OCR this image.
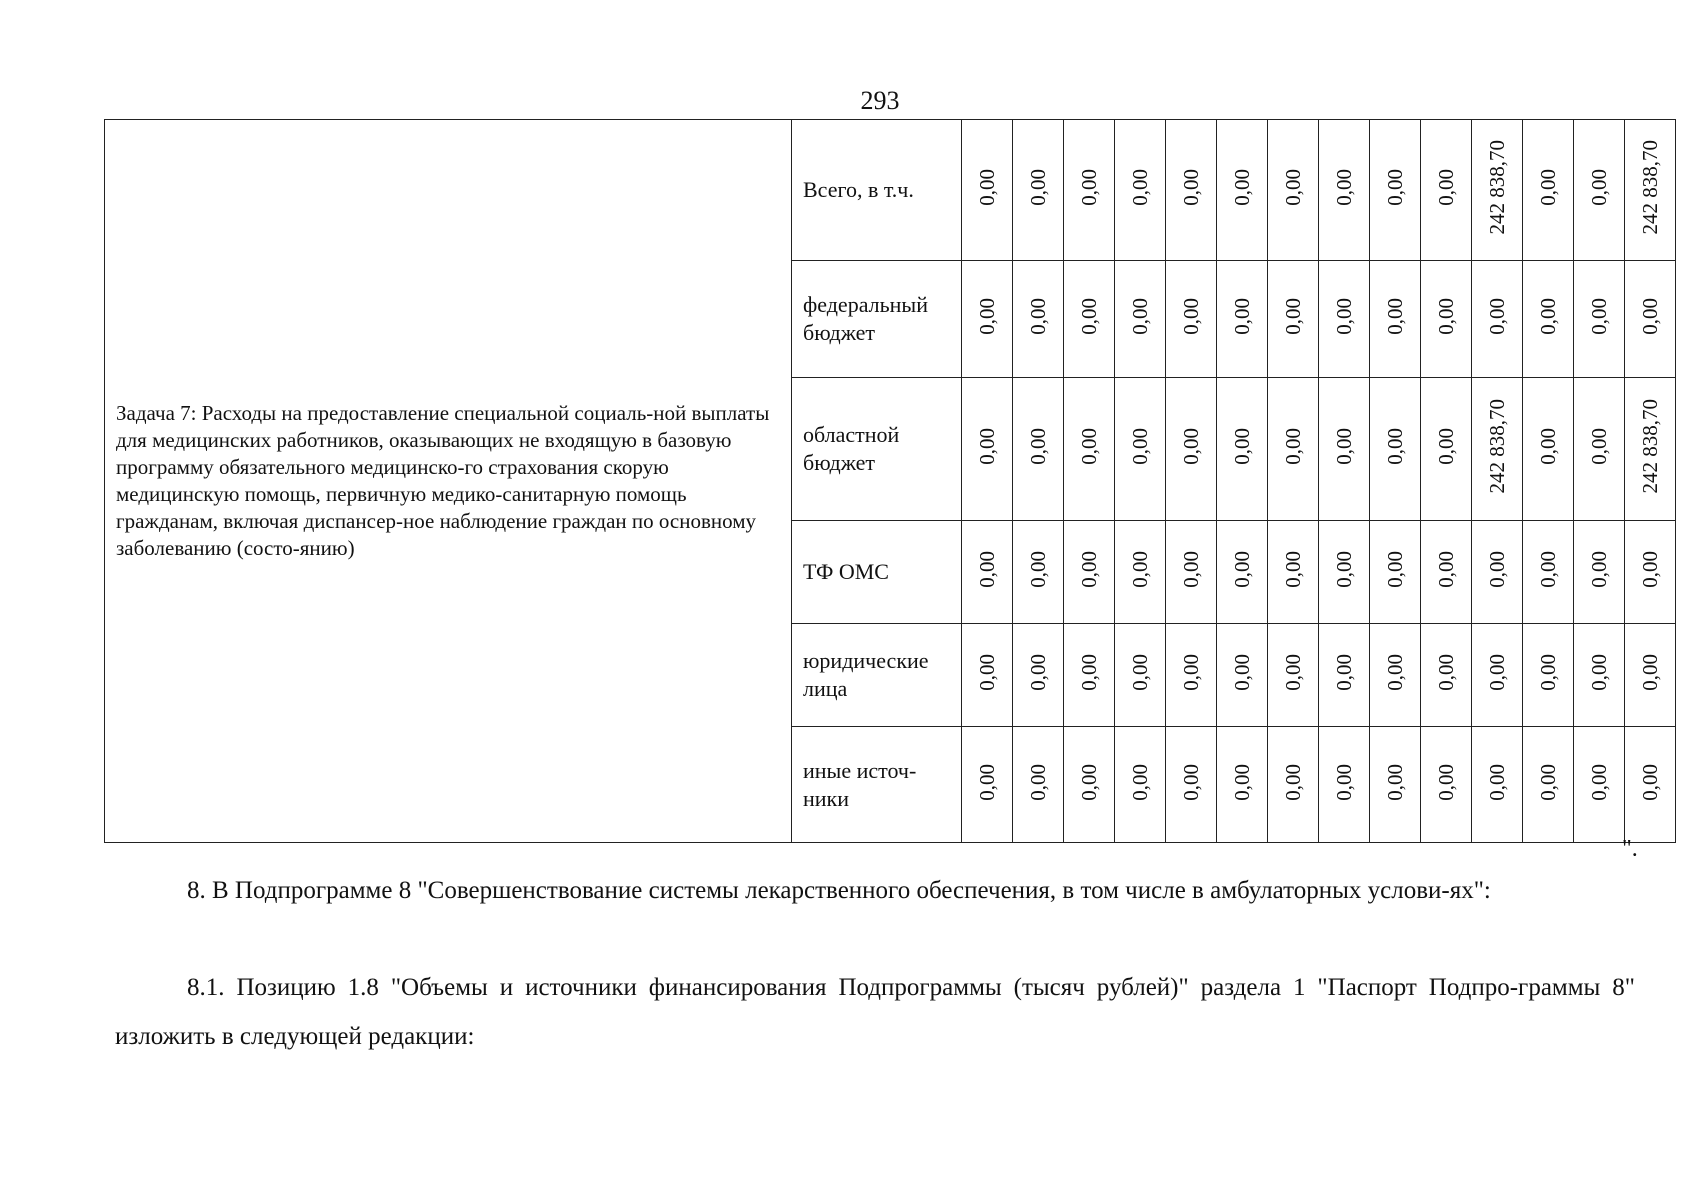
293
Задача 7: Расходы на предоставление специальной социаль-ной выплаты для медицинских работников, оказывающих не входящую в базовую программу обязательного медицинско-го страхования скорую медицинскую помощь, первичную медико-санитарную помощь гражданам, включая диспансер-ное наблюдение граждан по основному заболеванию (состо-янию)	Всего, в т.ч.	0,00	0,00	0,00	0,00	0,00	0,00	0,00	0,00	0,00	0,00	242 838,70	0,00	0,00	242 838,70
	федеральный бюджет	0,00	0,00	0,00	0,00	0,00	0,00	0,00	0,00	0,00	0,00	0,00	0,00	0,00	0,00
	областной бюджет	0,00	0,00	0,00	0,00	0,00	0,00	0,00	0,00	0,00	0,00	242 838,70	0,00	0,00	242 838,70
	ТФ ОМС	0,00	0,00	0,00	0,00	0,00	0,00	0,00	0,00	0,00	0,00	0,00	0,00	0,00	0,00
	юридические лица	0,00	0,00	0,00	0,00	0,00	0,00	0,00	0,00	0,00	0,00	0,00	0,00	0,00	0,00
	иные источ-ники	0,00	0,00	0,00	0,00	0,00	0,00	0,00	0,00	0,00	0,00	0,00	0,00	0,00	0,00
".

8. В Подпрограмме 8 "Совершенствование системы лекарственного обеспечения, в том числе в амбулаторных услови-ях":

8.1. Позицию 1.8 "Объемы и источники финансирования Подпрограммы (тысяч рублей)" раздела 1 "Паспорт Подпро-граммы 8" изложить в следующей редакции:
